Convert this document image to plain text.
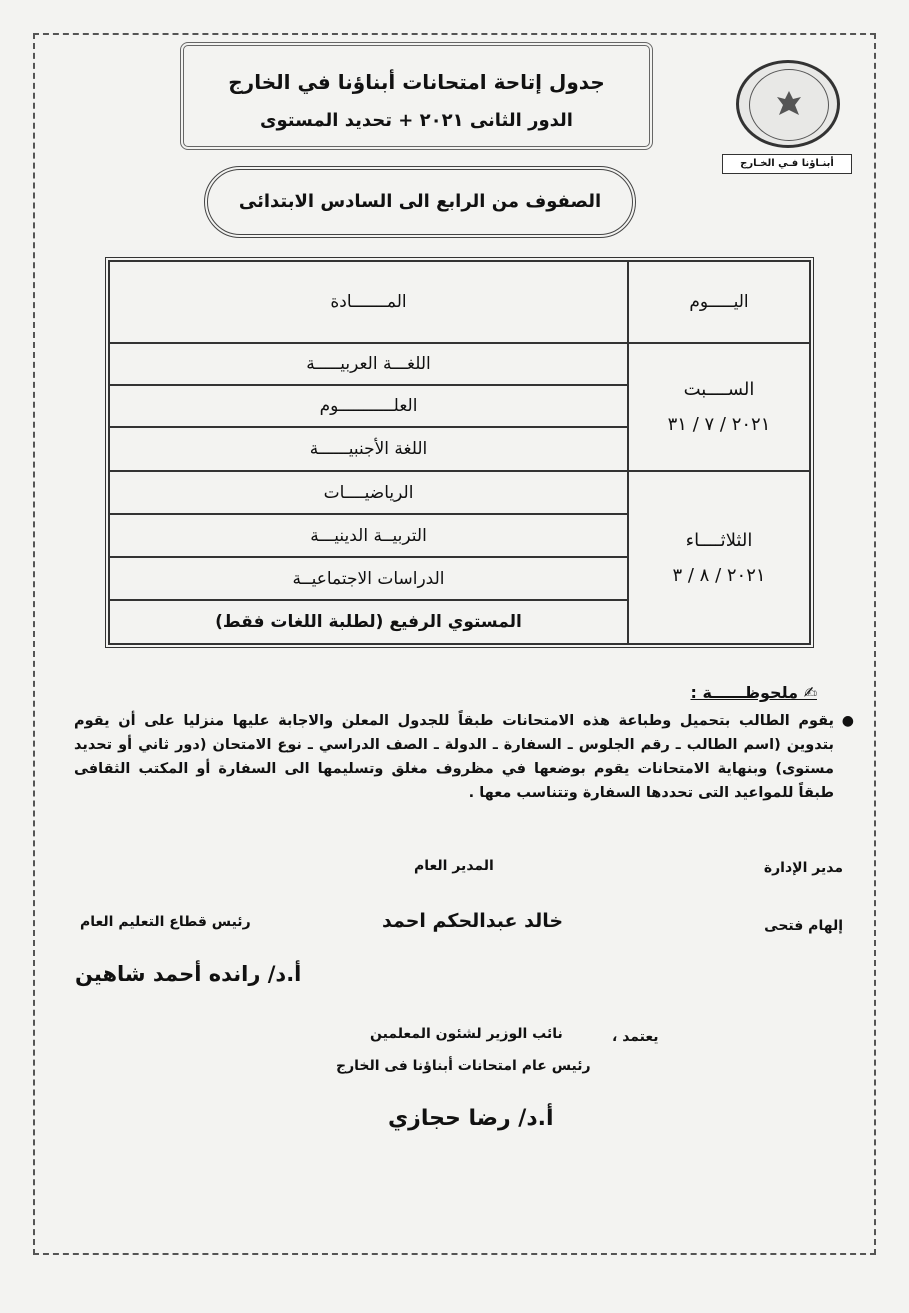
جدول إتاحة امتحانات أبناؤنا في الخارج
الدور الثانى ٢٠٢١ + تحديد المستوى
أبنـاؤنا فـي الخـارج
الصفوف من الرابع الى السادس الابتدائى
اليـــــوم
المـــــــادة
الســــبت
٢٠٢١ / ٧ / ٣١
اللغـــة العربيـــــة
العلـــــــــــوم
اللغة الأجنبيــــــة
الثلاثــــاء
٢٠٢١ / ٨ / ٣
الرياضيــــات
التربيــة الدينيـــة
الدراسات الاجتماعيــة
المستوي الرفيع (لطلبة اللغات فقط)
✍ ملحوظــــــة :
●
يقوم الطالب بتحميل وطباعة هذه الامتحانات طبقاً للجدول المعلن والاجابة عليها منزليا على أن يقوم بتدوين (اسم الطالب ـ رقم الجلوس ـ السفارة ـ الدولة ـ الصف الدراسي ـ نوع الامتحان (دور ثاني أو تحديد مستوى) وبنهاية الامتحانات يقوم بوضعها في مظروف مغلق وتسليمها الى السفارة أو المكتب الثقافى طبقاً للمواعيد التى تحددها السفارة وتتناسب معها .
مدير الإدارة
إلهام فتحى
المدير العام
خالد عبدالحكم احمد
رئيس قطاع التعليم العام
أ.د/ رانده أحمد شاهين
يعتمد ،
نائب الوزير لشئون المعلمين
رئيس عام امتحانات أبناؤنا فى الخارج
أ.د/ رضا حجازي
